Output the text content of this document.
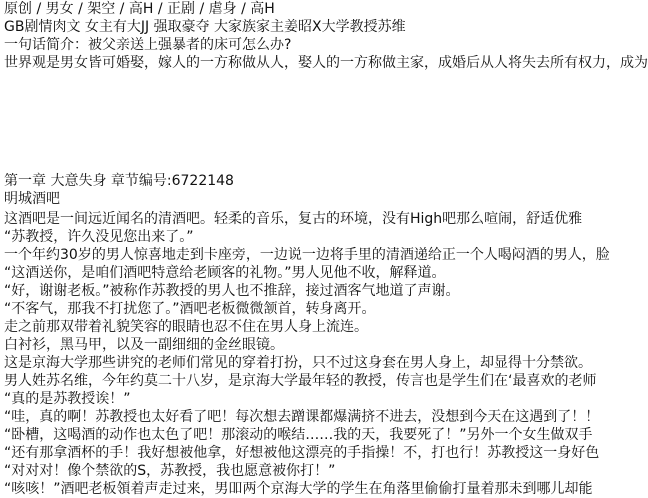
原创 / 男女 / 架空 / 高H / 正剧 / 虐身 / 高H
GB剧情肉文 女主有大JJ 强取豪夺 大家族家主姜昭X大学教授苏维
一句话简介：被父亲送上强暴者的床可怎么办?
世界观是男女皆可婚娶，嫁人的一方称做从人，娶人的一方称做主家，成婚后从人将失去所有权力，成为
第一章 大意失身 章节编号:6722148
明城酒吧
这酒吧是一间远近闻名的清酒吧。轻柔的音乐，复古的环境，没有High吧那么喧闹，舒适优雅
“苏教授，许久没见您出来了。”
一个年约30岁的男人惊喜地走到卡座旁，一边说一边将手里的清酒递给正一个人喝闷酒的男人，脸
“这酒送你，是咱们酒吧特意给老顾客的礼物。”男人见他不收，解释道。
“好，谢谢老板。”被称作苏教授的男人也不推辞，接过酒客气地道了声谢。
“不客气，那我不打扰您了。”酒吧老板微微颔首，转身离开。
走之前那双带着礼貌笑容的眼睛也忍不住在男人身上流连。
白衬衫，黑马甲，以及一副细细的金丝眼镜。
这是京海大学那些讲究的老师们常见的穿着打扮，只不过这身套在男人身上，却显得十分禁欲。
男人姓苏名维，今年约莫二十八岁，是京海大学最年轻的教授，传言也是学生们在‘最喜欢的老师
“真的是苏教授诶！”
“哇，真的啊！苏教授也太好看了吧！每次想去蹭课都爆满挤不进去，没想到今天在这遇到了！！
“卧槽，这喝酒的动作也太色了吧！那滚动的喉结……我的天，我要死了！”另外一个女生做双手
“还有那拿酒杯的手！我好想被他拿，好想被他这漂亮的手指操！不，打也行！苏教授这一身好色
“对对对！像个禁欲的S，苏教授，我也愿意被你打！”
“咳咳！”酒吧老板領着声走过来，男吅两个京海大学的学生在角落里偷偷打量着那未到哪儿却能
